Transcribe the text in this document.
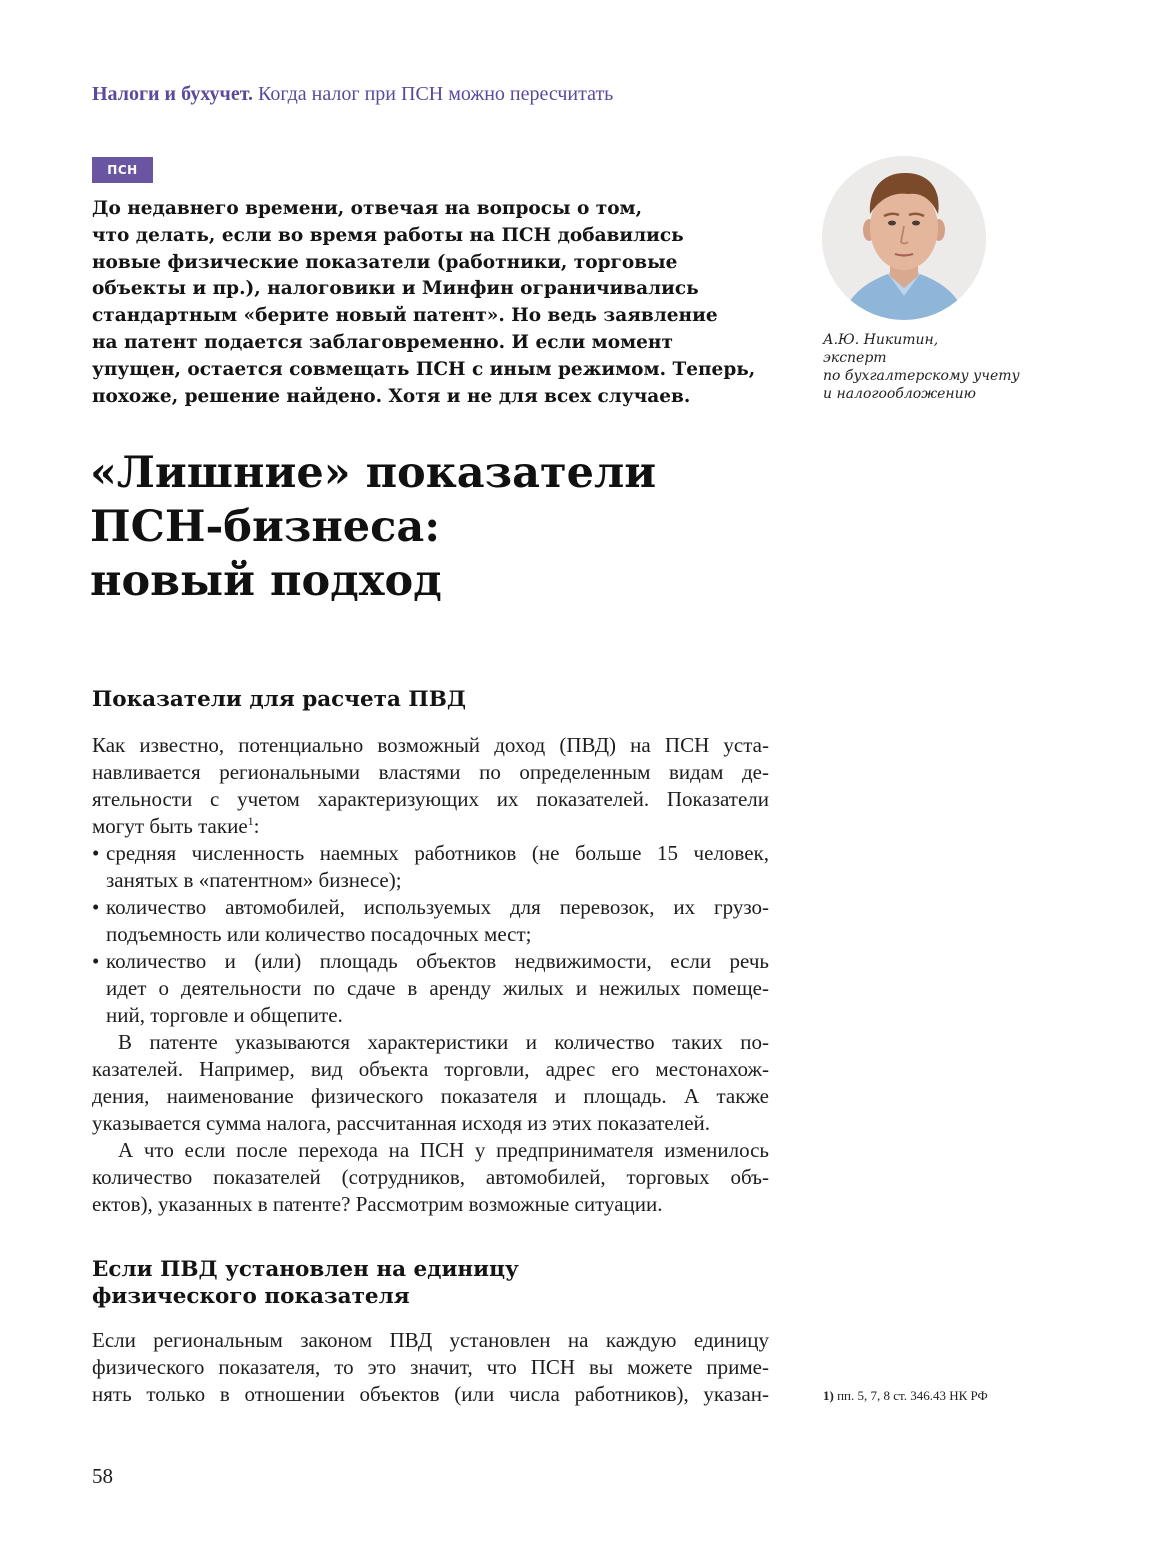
Налоги и бухучет. Когда налог при ПСН можно пересчитать
ПСН

До недавнего времени, отвечая на вопросы о том,
что делать, если во время работы на ПСН добавились
новые физические показатели (работники, торговые
объекты и пр.), налоговики и Минфин ограничивались
стандартным «берите новый патент». Но ведь заявление
на патент подается заблаговременно. И если момент
упущен, остается совмещать ПСН с иным режимом. Теперь,
похоже, решение найдено. Хотя и не для всех случаев.

А.Ю. Никитин,
эксперт
по бухгалтерскому учету
и налогообложению
«Лишние» показатели
ПСН-бизнеса:
новый подход
Показатели для расчета ПВД
Как известно, потенциально возможный доход (ПВД) на ПСН уста-
навливается региональными властями по определенным видам де-
ятельности с учетом характеризующих их показателей. Показатели
могут быть такие$^1$:
• средняя численность наемных работников (не больше 15 человек,
занятых в «патентном» бизнесе);
• количество автомобилей, используемых для перевозок, их грузо-
подъемность или количество посадочных мест;
• количество и (или) площадь объектов недвижимости, если речь
идет о деятельности по сдаче в аренду жилых и нежилых помеще-
ний, торговле и общепите.
В патенте указываются характеристики и количество таких по-
казателей. Например, вид объекта торговли, адрес его местонахож-
дения, наименование физического показателя и площадь. А также
указывается сумма налога, рассчитанная исходя из этих показателей.
А что если после перехода на ПСН у предпринимателя изменилось
количество показателей (сотрудников, автомобилей, торговых объ-
ектов), указанных в патенте? Рассмотрим возможные ситуации.
Если ПВД установлен на единицу
физического показателя
Если региональным законом ПВД установлен на каждую единицу
физического показателя, то это значит, что ПСН вы можете приме-
нять только в отношении объектов (или числа работников), указан-	1) пп. 5, 7, 8 ст. 346.43 НК РФ
58
